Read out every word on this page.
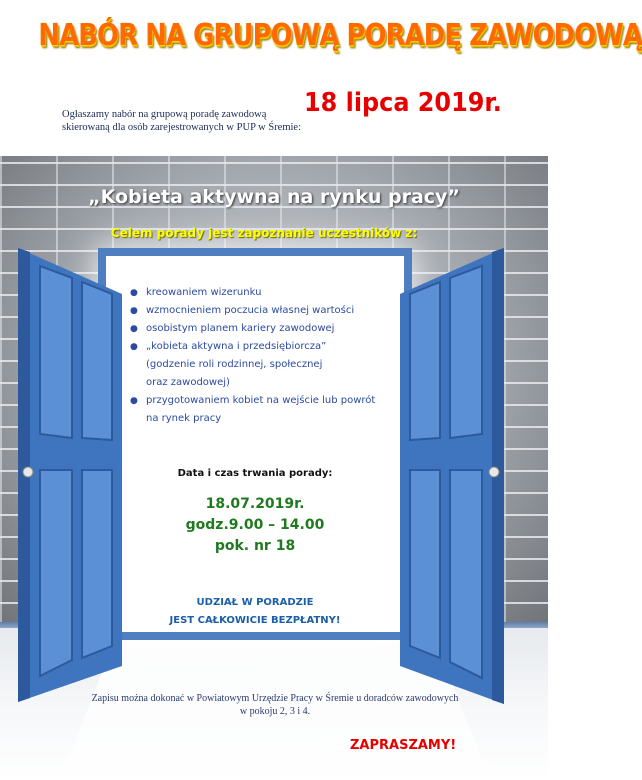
NABÓR NA GRUPOWĄ PORADĘ ZAWODOWĄ
Ogłaszamy nabór na grupową poradę zawodową
skierowaną dla osób zarejestrowanych w PUP w Śremie:
18 lipca 2019r.
„Kobieta aktywna na rynku pracy”
Celem porady jest zapoznanie uczestników z:
● kreowaniem wizerunku
● wzmocnieniem poczucia własnej wartości
● osobistym planem kariery zawodowej
● „kobieta aktywna i przedsiębiorcza”
(godzenie roli rodzinnej, społecznej
oraz zawodowej)
● przygotowaniem kobiet na wejście lub powrót
na rynek pracy
Data i czas trwania porady:
18.07.2019r.
godz.9.00 – 14.00
pok. nr 18
UDZIAŁ W PORADZIE
JEST CAŁKOWICIE BEZPŁATNY!
Zapisu można dokonać w Powiatowym Urzędzie Pracy w Śremie u doradców zawodowych
w pokoju 2, 3 i 4.
ZAPRASZAMY!
